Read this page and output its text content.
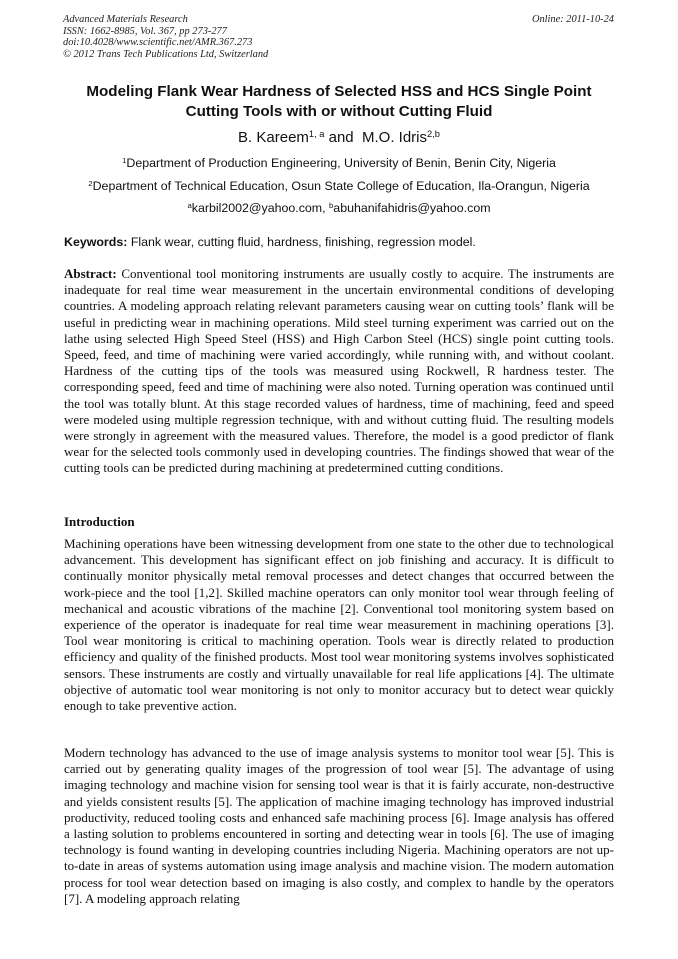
Advanced Materials Research
ISSN: 1662-8985, Vol. 367, pp 273-277
doi:10.4028/www.scientific.net/AMR.367.273
© 2012 Trans Tech Publications Ltd, Switzerland
Online: 2011-10-24
Modeling Flank Wear Hardness of Selected HSS and HCS Single Point
Cutting Tools with or without Cutting Fluid
B. Kareem$^{1, a}$ and M.O. Idris$^{2,b}$
$^1$Department of Production Engineering, University of Benin, Benin City, Nigeria
$^2$Department of Technical Education, Osun State College of Education, Ila-Orangun, Nigeria
$^a$karbil2002@yahoo.com, $^b$abuhanifahidris@yahoo.com
Keywords: Flank wear, cutting fluid, hardness, finishing, regression model.
Abstract: Conventional tool monitoring instruments are usually costly to acquire. The instruments are inadequate for real time wear measurement in the uncertain environmental conditions of developing countries. A modeling approach relating relevant parameters causing wear on cutting tools’ flank will be useful in predicting wear in machining operations. Mild steel turning experiment was carried out on the lathe using selected High Speed Steel (HSS) and High Carbon Steel (HCS) single point cutting tools. Speed, feed, and time of machining were varied accordingly, while running with, and without coolant. Hardness of the cutting tips of the tools was measured using Rockwell, R hardness tester. The corresponding speed, feed and time of machining were also noted. Turning operation was continued until the tool was totally blunt. At this stage recorded values of hardness, time of machining, feed and speed were modeled using multiple regression technique, with and without cutting fluid. The resulting models were strongly in agreement with the measured values. Therefore, the model is a good predictor of flank wear for the selected tools commonly used in developing countries. The findings showed that wear of the cutting tools can be predicted during machining at predetermined cutting conditions.
Introduction
Machining operations have been witnessing development from one state to the other due to technological advancement. This development has significant effect on job finishing and accuracy. It is difficult to continually monitor physically metal removal processes and detect changes that occurred between the work-piece and the tool [1,2]. Skilled machine operators can only monitor tool wear through feeling of mechanical and acoustic vibrations of the machine [2]. Conventional tool monitoring system based on experience of the operator is inadequate for real time wear measurement in machining operations [3]. Tool wear monitoring is critical to machining operation. Tools wear is directly related to production efficiency and quality of the finished products. Most tool wear monitoring systems involves sophisticated sensors. These instruments are costly and virtually unavailable for real life applications [4]. The ultimate objective of automatic tool wear monitoring is not only to monitor accuracy but to detect wear quickly enough to take preventive action.
Modern technology has advanced to the use of image analysis systems to monitor tool wear [5]. This is carried out by generating quality images of the progression of tool wear [5]. The advantage of using imaging technology and machine vision for sensing tool wear is that it is fairly accurate, non-destructive and yields consistent results [5]. The application of machine imaging technology has improved industrial productivity, reduced tooling costs and enhanced safe machining process [6]. Image analysis has offered a lasting solution to problems encountered in sorting and detecting wear in tools [6]. The use of imaging technology is found wanting in developing countries including Nigeria. Machining operators are not up-to-date in areas of systems automation using image analysis and machine vision. The modern automation process for tool wear detection based on imaging is also costly, and complex to handle by the operators [7]. A modeling approach relating
